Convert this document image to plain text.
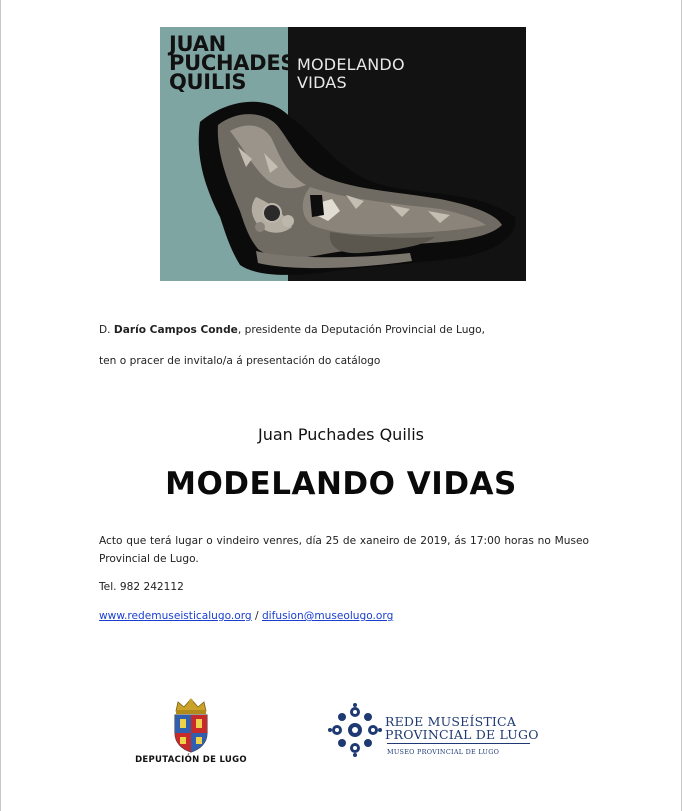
JUAN
PUCHADES
QUILIS
MODELANDO
VIDAS
D. Darío Campos Conde, presidente da Deputación Provincial de Lugo,
ten o pracer de invitalo/a á presentación do catálogo
Juan Puchades Quilis
MODELANDO VIDAS
Acto que terá lugar o vindeiro venres, día 25 de xaneiro de 2019, ás 17:00 horas no Museo Provincial de Lugo.
Tel. 982 242112
www.redemuseisticalugo.org / difusion@museolugo.org
DEPUTACIÓN DE LUGO
REDE MUSEÍSTICA
PROVINCIAL DE LUGO
MUSEO PROVINCIAL DE LUGO
